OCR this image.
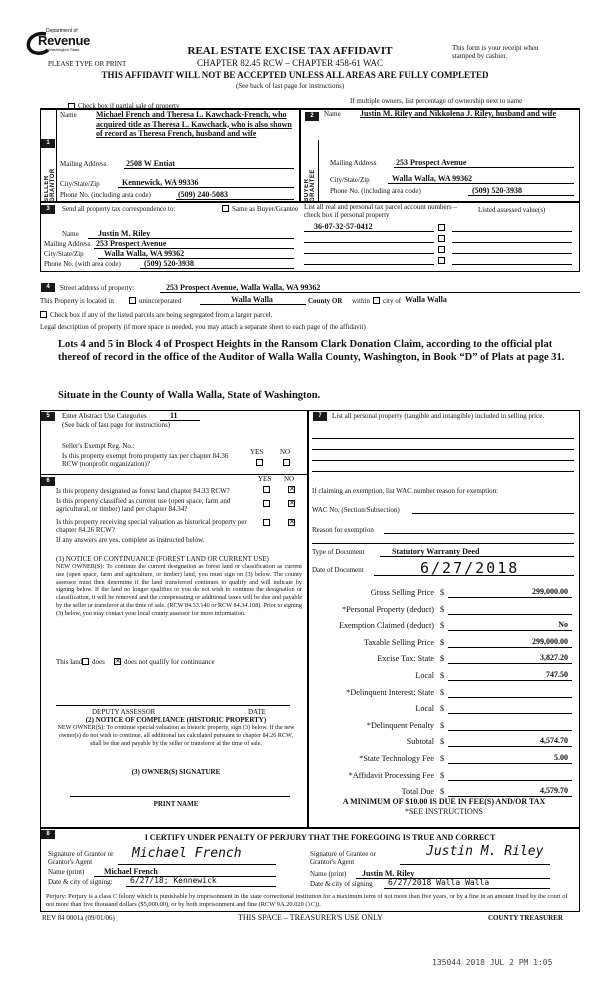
Department of
Revenue
Washington State
PLEASE TYPE OR PRINT
REAL ESTATE EXCISE TAX AFFIDAVIT
CHAPTER 82.45 RCW – CHAPTER 458-61 WAC
THIS AFFIDAVIT WILL NOT BE ACCEPTED UNLESS ALL AREAS ARE FULLY COMPLETED
(See back of last page for instructions)
This form is your receipt when stamped by cashier.
Check box if partial sale of property
If multiple owners, list percentage of ownership next to name
1
SELLER GRANTOR
Name Michael French and Theresa L. Kawchack-French, who acquired title as Theresa L. Kawchack, who is also shown of record as Theresa French, husband and wife
Mailing Address 2508 W Entiat
City/State/Zip	Kennewick, WA 99336
Phone No. (including area code)	(509) 240-5083
2
BUYER GRANTEE
Name Justin M. Riley and Nikkolena J. Riley, husband and wife
Mailing Address 253 Prospect Avenue
City/State/Zip	Walla Walla, WA 99362
Phone No. (including area code)	(509) 520-3938
3	Send all property tax correspondence to:	Same as Buyer/Grantee
Name Justin M. Riley
Mailing Address 253 Prospect Avenue
City/State/Zip	Walla Walla, WA 99362
Phone No. (with area code)	(509) 520-3938
List all real and personal tax parcel account numbers – check box if personal property
Listed assessed value(s)
36-07-32-57-0412
4	Street address of property:	253 Prospect Avenue, Walla Walla, WA 99362
This Property is located in	unincorporated	Walla Walla	County OR within city of Walla Walla
Check box if any of the listed parcels are being segregated from a larger parcel.
Legal description of property (if more space is needed, you may attach a separate sheet to each page of the affidavit)
Lots 4 and 5 in Block 4 of Prospect Heights in the Ransom Clark Donation Claim, according to the official plat thereof of record in the office of the Auditor of Walla Walla County, Washington, in Book “D” of Plats at page 31.
Situate in the County of Walla Walla, State of Washington.
5	Enter Abstract Use Categories	11
(See back of last page for instructions)
Seller's Exempt Reg. No.:
YES NO
Is this property exempt from property tax per chapter 84.36 RCW (nonprofit organization)?
6	YES NO
Is this property designated as forest land chapter 84.33 RCW?	✕
Is this property classified as current use (open space, farm and agricultural, or timber) land per chapter 84.34?
✕
Is this property receiving special valuation as historical property per chapter 84.26 RCW?
✕
If any answers are yes, complete as instructed below.
(1) NOTICE OF CONTINUANCE (FOREST LAND OR CURRENT USE)
NEW OWNER(S): To continue the current designation as forest land or classification as current use (open space, farm and agriculture, or timber) land, you must sign on (3) below. The county assessor must then determine if the land transferred continues to qualify and will indicate by signing below. If the land no longer qualifies or you do not wish to continue the designation or classification, it will be removed and the compensating or additional taxes will be due and payable by the seller or transferor at the time of sale. (RCW 84.33.140 or RCW 84.34.108). Prior to signing (3) below, you may contact your local county assessor for more information.
This land does ✕ does not qualify for continuance
DEPUTY ASSESSOR	DATE
(2) NOTICE OF COMPLIANCE (HISTORIC PROPERTY)
NEW OWNER(S): To continue special valuation as historic property, sign (3) below. If the new owner(s) do not wish to continue, all additional tax calculated pursuant to chapter 84.26 RCW, shall be due and payable by the seller or transferor at the time of sale.
(3) OWNER(S) SIGNATURE
PRINT NAME
7	List all personal property (tangible and intangible) included in selling price.
If claiming an exemption, list WAC number reason for exemption:
WAC No. (Section/Subsection)
Reason for exemption
Type of Document	Statutory Warranty Deed
Date of Document	6/27/2018
Gross Selling Price $	299,000.00
*Personal Property (deduct) $
Exemption Claimed (deduct) $	No
Taxable Selling Price $	299,000.00
Excise Tax: State $	3,827.20
Local $	747.50
*Delinquent Interest: State $
Local $
*Delinquent Penalty $
Subtotal $	4,574.70
*State Technology Fee $	5.00
*Affidavit Processing Fee $
Total Due $	4,579.70
A MINIMUM OF $10.00 IS DUE IN FEE(S) AND/OR TAX
*SEE INSTRUCTIONS
8	I CERTIFY UNDER PENALTY OF PERJURY THAT THE FOREGOING IS TRUE AND CORRECT
Signature of Grantor or Grantor's Agent
Michael French
Name (print) Michael French
Date & city of signing: 6/27/18; Kennewick
Signature of Grantee or Grantor's Agent
Justin M. Riley
Name (print) Justin M. Riley
Date & city of signing 6/27/2018 Walla Walla
Perjury: Perjury is a class C felony which is punishable by imprisonment in the state correctional institution for a maximum term of not more than five years, or by a fine in an amount fixed by the court of not more than five thousand dollars ($5,000.00), or by both imprisonment and fine (RCW 9A.20.020 (1C)).
REV 84 0001a (09/01/06)	THIS SPACE – TREASURER'S USE ONLY	COUNTY TREASURER
135044 2018 JUL 2 PM 1:05
